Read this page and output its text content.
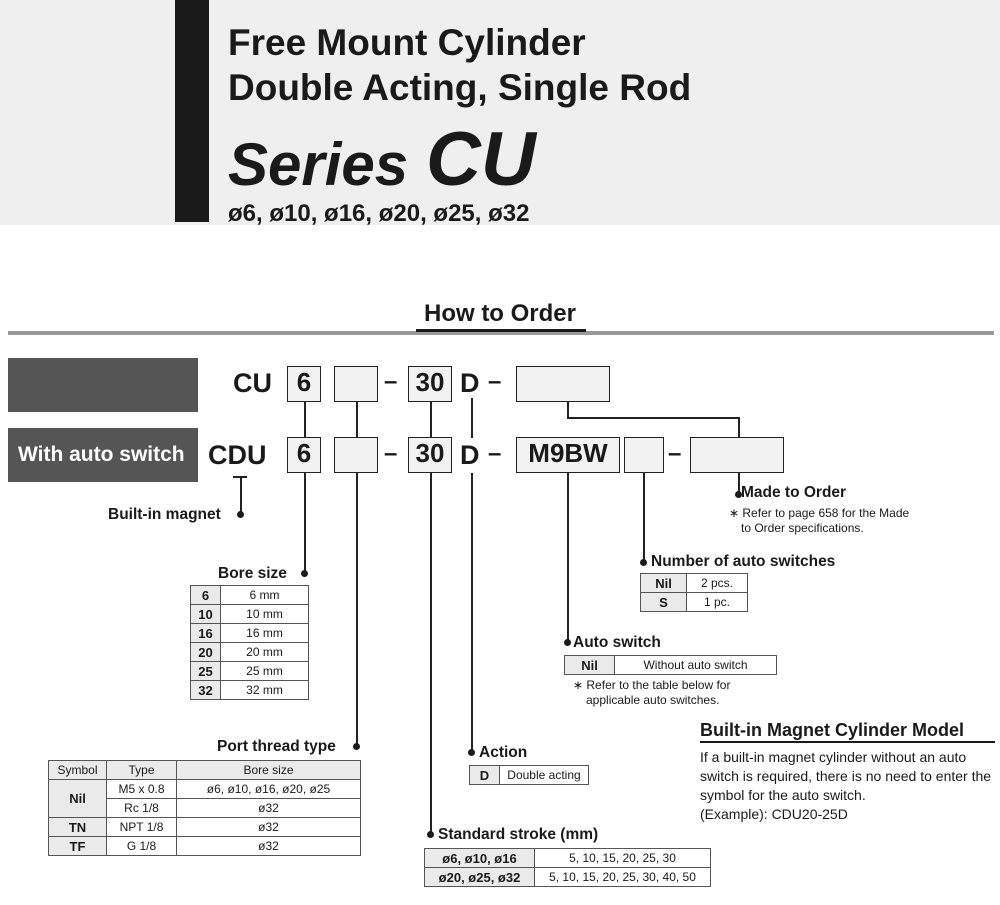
Free Mount Cylinder
Double Acting, Single Rod
Series CU
ø6, ø10, ø16, ø20, ø25, ø32
How to Order
With auto switch
CU 6	– 30 D –
CDU	6	– 30 D –	M9BW	–
Built-in magnet
Bore size
6	6 mm
10	10 mm
16	16 mm
20	20 mm
25	25 mm
32	32 mm
Port thread type
Symbol	Type	Bore size
Nil	M5 x 0.8	ø6, ø10, ø16, ø20, ø25
	Rc 1/8	ø32
TN	NPT 1/8	ø32
TF	G 1/8	ø32
Standard stroke (mm)
ø6, ø10, ø16	5, 10, 15, 20, 25, 30
ø20, ø25, ø32	5, 10, 15, 20, 25, 30, 40, 50
Action
D	Double acting
Auto switch
Nil	Without auto switch
∗ Refer to the table below for
applicable auto switches.
Number of auto switches
Nil	2 pcs.
S	1 pc.
Made to Order
∗ Refer to page 658 for the Made
to Order specifications.
Built-in Magnet Cylinder Model
If a built-in magnet cylinder without an auto switch is required, there is no need to enter the symbol for the auto switch.
(Example): CDU20-25D
